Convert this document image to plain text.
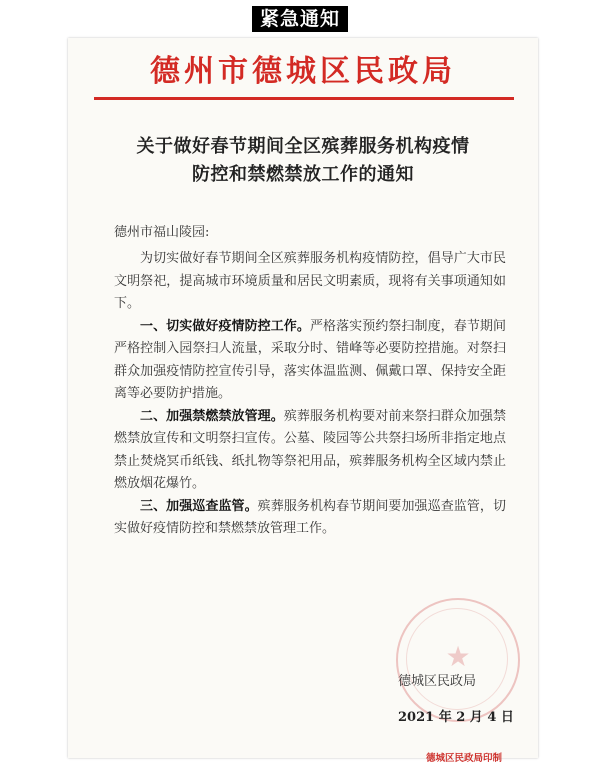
紧急通知
德州市德城区民政局
关于做好春节期间全区殡葬服务机构疫情
防控和禁燃禁放工作的通知
德州市福山陵园:

为切实做好春节期间全区殡葬服务机构疫情防控，倡导广大市民文明祭祀，提高城市环境质量和居民文明素质，现将有关事项通知如下。

一、切实做好疫情防控工作。严格落实预约祭扫制度，春节期间严格控制入园祭扫人流量，采取分时、错峰等必要防控措施。对祭扫群众加强疫情防控宣传引导，落实体温监测、佩戴口罩、保持安全距离等必要防护措施。

二、加强禁燃禁放管理。殡葬服务机构要对前来祭扫群众加强禁燃禁放宣传和文明祭扫宣传。公墓、陵园等公共祭扫场所非指定地点禁止焚烧冥币纸钱、纸扎物等祭祀用品，殡葬服务机构全区域内禁止燃放烟花爆竹。

三、加强巡查监管。殡葬服务机构春节期间要加强巡查监管，切实做好疫情防控和禁燃禁放管理工作。

★
德城区民政局
2021 年 2 月 4 日
德城区民政局印制
